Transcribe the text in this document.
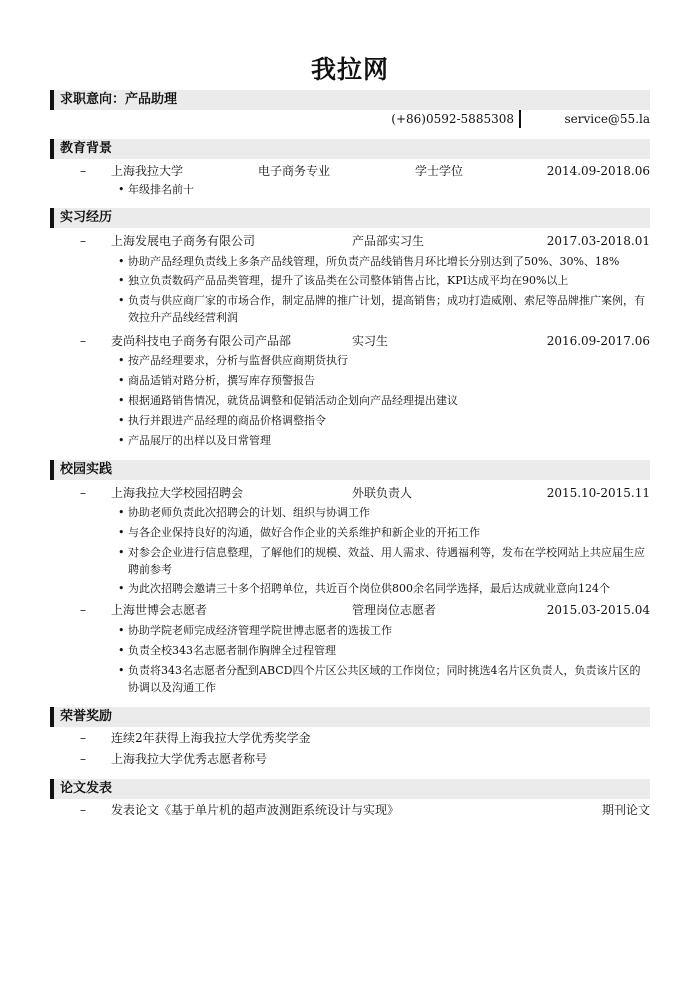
我拉网
求职意向：产品助理
(+86)0592-5885308	service@55.la
教育背景
– 上海我拉大学	电子商务专业	学士学位	2014.09-2018.06
• 年级排名前十
实习经历
– 上海发展电子商务有限公司	产品部实习生	2017.03-2018.01
• 协助产品经理负责线上多条产品线管理，所负责产品线销售月环比增长分别达到了50%、30%、18%
• 独立负责数码产品品类管理，提升了该品类在公司整体销售占比，KPI达成平均在90%以上
• 负责与供应商厂家的市场合作，制定品牌的推广计划，提高销售；成功打造威刚、索尼等品牌推广案例，有效拉升产品线经营利润
– 麦尚科技电子商务有限公司产品部	实习生	2016.09-2017.06
• 按产品经理要求，分析与监督供应商期货执行
• 商品适销对路分析，撰写库存预警报告
• 根据通路销售情况，就货品调整和促销活动企划向产品经理提出建议
• 执行并跟进产品经理的商品价格调整指令
• 产品展厅的出样以及日常管理
校园实践
– 上海我拉大学校园招聘会	外联负责人	2015.10-2015.11
• 协助老师负责此次招聘会的计划、组织与协调工作
• 与各企业保持良好的沟通，做好合作企业的关系维护和新企业的开拓工作
• 对参会企业进行信息整理，了解他们的规模、效益、用人需求、待遇福利等，发布在学校网站上共应届生应聘前参考
• 为此次招聘会邀请三十多个招聘单位，共近百个岗位供800余名同学选择，最后达成就业意向124个
– 上海世博会志愿者	管理岗位志愿者	2015.03-2015.04
• 协助学院老师完成经济管理学院世博志愿者的选拔工作
• 负责全校343名志愿者制作胸牌全过程管理
• 负责将343名志愿者分配到ABCD四个片区公共区域的工作岗位；同时挑选4名片区负责人，负责该片区的协调以及沟通工作
荣誉奖励
– 连续2年获得上海我拉大学优秀奖学金
– 上海我拉大学优秀志愿者称号
论文发表
– 发表论文《基于单片机的超声波测距系统设计与实现》	期刊论文
